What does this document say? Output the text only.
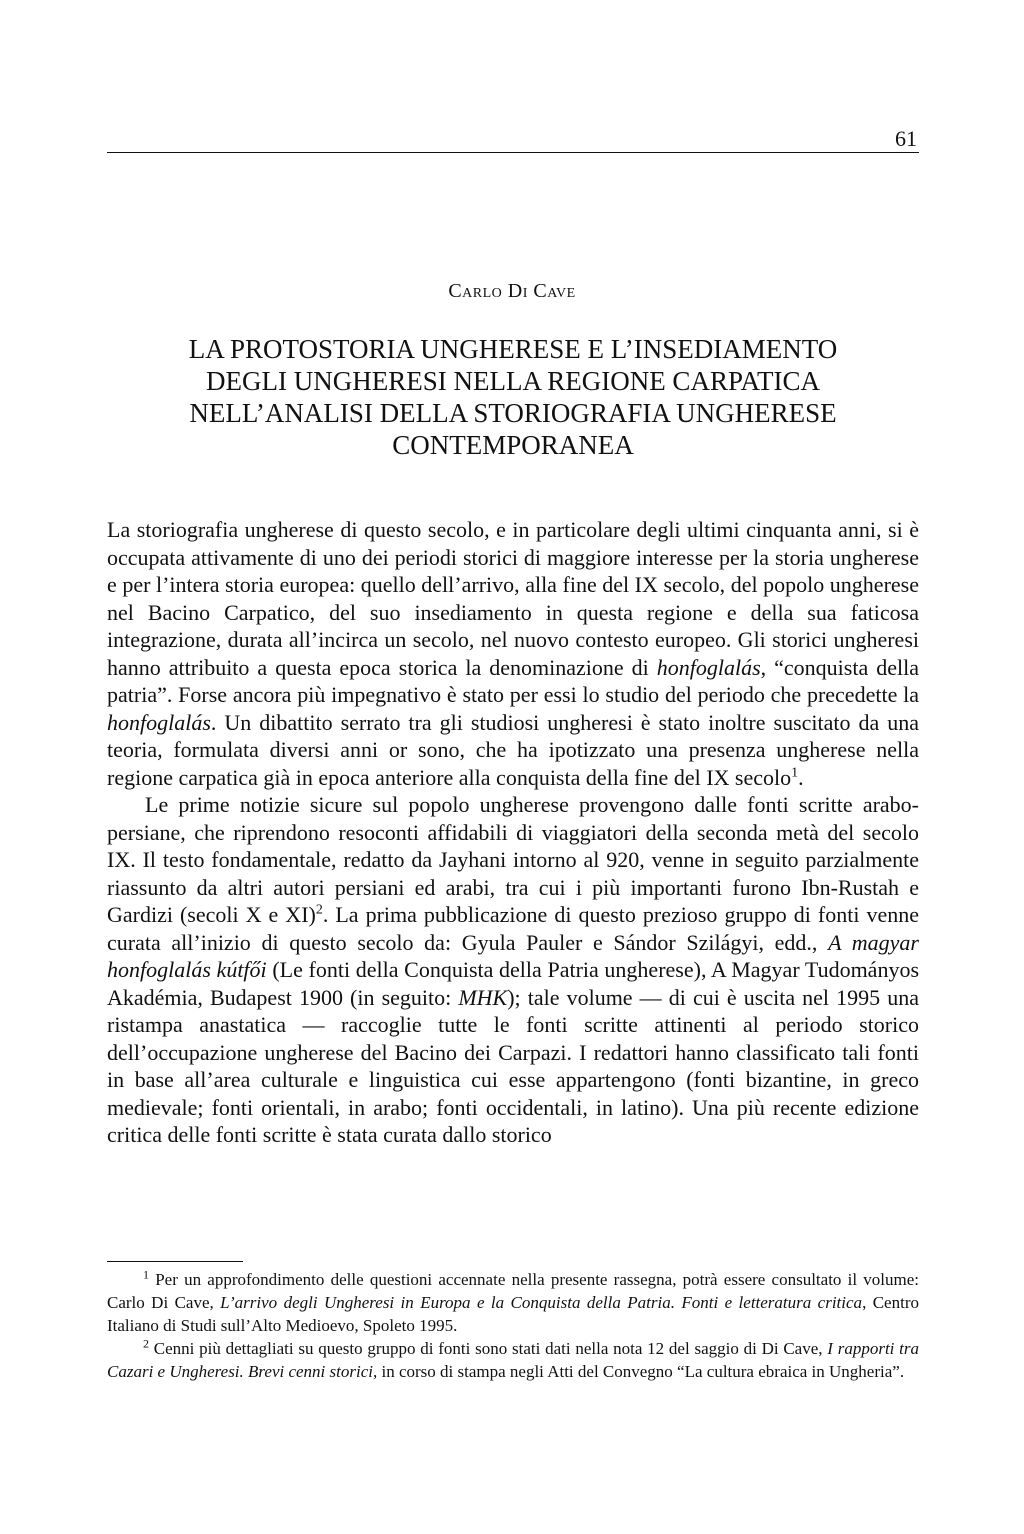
61
Carlo Di Cave
LA PROTOSTORIA UNGHERESE E L’INSEDIAMENTO
DEGLI UNGHERESI NELLA REGIONE CARPATICA
NELL’ANALISI DELLA STORIOGRAFIA UNGHERESE
CONTEMPORANEA

La storiografia ungherese di questo secolo, e in particolare degli ultimi cinquanta anni, si è occupata attivamente di uno dei periodi storici di maggiore interesse per la storia ungherese e per l’intera storia europea: quello dell’arrivo, alla fine del IX secolo, del popolo ungherese nel Bacino Carpatico, del suo insediamento in questa regione e della sua faticosa integrazione, durata all’incirca un secolo, nel nuovo contesto europeo. Gli storici ungheresi hanno attribuito a questa epoca storica la denominazione di honfoglalás, “conquista della patria”. Forse ancora più impegnativo è stato per essi lo studio del periodo che precedette la honfoglalás. Un dibattito serrato tra gli studiosi ungheresi è stato inoltre suscitato da una teoria, formulata diversi anni or sono, che ha ipotizzato una presenza ungherese nella regione carpatica già in epoca anteriore alla conquista della fine del IX secolo$^1$.

Le prime notizie sicure sul popolo ungherese provengono dalle fonti scritte arabo-persiane, che riprendono resoconti affidabili di viaggiatori della seconda metà del secolo IX. Il testo fondamentale, redatto da Jayhani intorno al 920, venne in seguito parzialmente riassunto da altri autori persiani ed arabi, tra cui i più importanti furono Ibn-Rustah e Gardizi (secoli X e XI)$^2$. La prima pubblicazione di questo prezioso gruppo di fonti venne curata all’inizio di questo secolo da: Gyula Pauler e Sándor Szilágyi, edd., A magyar honfoglalás kútfői (Le fonti della Conquista della Patria ungherese), A Magyar Tudományos Akadémia, Budapest 1900 (in seguito: MHK); tale volume — di cui è uscita nel 1995 una ristampa anastatica — raccoglie tutte le fonti scritte attinenti al periodo storico dell’occupazione ungherese del Bacino dei Carpazi. I redattori hanno classificato tali fonti in base all’area culturale e linguistica cui esse appartengono (fonti bizantine, in greco medievale; fonti orientali, in arabo; fonti occidentali, in latino). Una più recente edizione critica delle fonti scritte è stata curata dallo storico

$^1$ Per un approfondimento delle questioni accennate nella presente rassegna, potrà essere consultato il volume: Carlo Di Cave, L’arrivo degli Ungheresi in Europa e la Conquista della Patria. Fonti e letteratura critica, Centro Italiano di Studi sull’Alto Medioevo, Spoleto 1995.

$^2$ Cenni più dettagliati su questo gruppo di fonti sono stati dati nella nota 12 del saggio di Di Cave, I rapporti tra Cazari e Ungheresi. Brevi cenni storici, in corso di stampa negli Atti del Convegno “La cultura ebraica in Ungheria”.
